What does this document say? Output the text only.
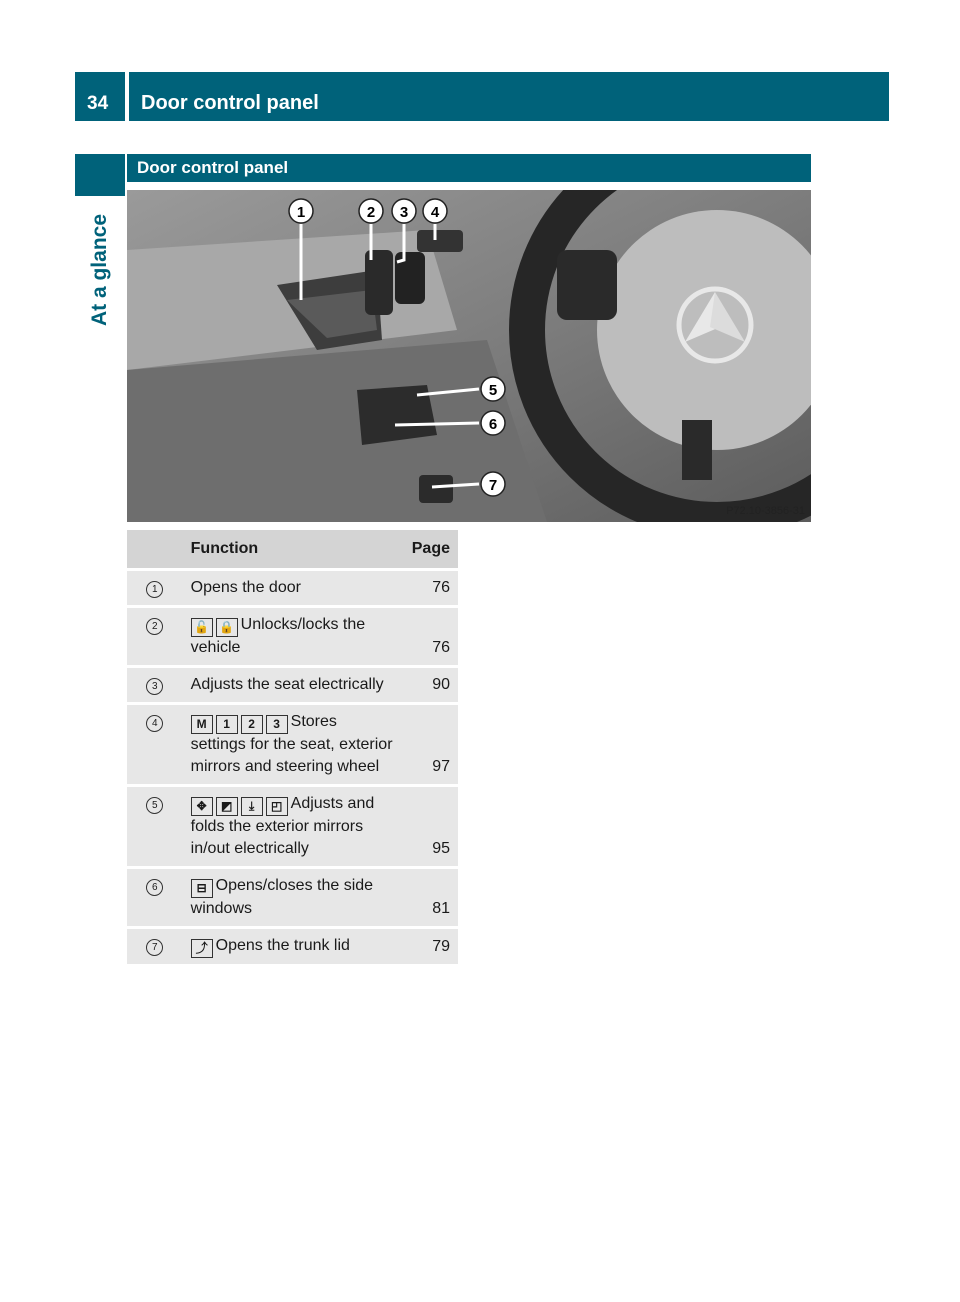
34	Door control panel
At a glance
Door control panel
1	2 3 4
5
6
7
P72.10-3856-31
	Function	Page
1	Opens the door	76
2	🔓 🔒 Unlocks/locks the vehicle	76
3	Adjusts the seat electrically	90
4	M 1 2 3 Stores settings for the seat, exterior mirrors and steering wheel	97
5	✥ ◩ ⤓ ◰ Adjusts and folds the exterior mirrors in/out electrically	95
6	⊟ Opens/closes the side windows	81
7	⤴ Opens the trunk lid	79
